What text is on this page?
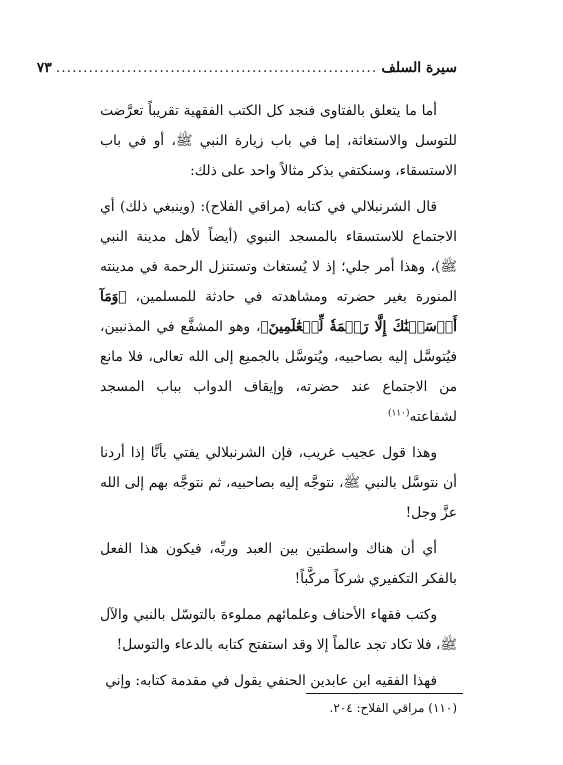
سيرة السلف
...........................................................
٧٣

أما ما يتعلق بالفتاوى فنجد كل الكتب الفقهية تقريباً تعرَّضت للتوسل والاستغاثة، إما في باب زيارة النبي ﷺ، أو في باب الاستسقاء، وسنكتفي بذكر مثالاً واحد على ذلك:

قال الشرنبلالي في كتابه (مراقي الفلاح): (وينبغي ذلك) أي الاجتماع للاستسقاء بالمسجد النبوي (أيضاً لأهل مدينة النبي ﷺ)، وهذا أمر جلي؛ إذ لا يُستغاث وتستنزل الرحمة في مدينته المنورة بغير حضرته ومشاهدته في حادثة للمسلمين، ﴿وَمَآ أَرۡسَلۡنَٰكَ إِلَّا رَحۡمَةٗ لِّلۡعَٰلَمِينَ﴾، وهو المشفَّع في المذنبين، فيُتوسَّل إليه بصاحبيه، ويُتوسَّل بالجميع إلى الله تعالى، فلا مانع من الاجتماع عند حضرته، وإيقاف الدواب بباب المسجد لشفاعته$^{(١١٠)}$

وهذا قول عجيب غريب، فإن الشرنبلالي يفتي بأنَّا إذا أردنا أن نتوسَّل بالنبي ﷺ، نتوجَّه إليه بصاحبيه، ثم نتوجَّه بهم إلى الله عزَّ وجل!

أي أن هناك واسطتين بين العبد وربِّه، فيكون هذا الفعل بالفكر التكفيري شركاً مركَّباً!

وكتب فقهاء الأحناف وعلمائهم مملوءة بالتوسّل بالنبي والآل ﷺ، فلا تكاد تجد عالماً إلا وقد استفتح كتابه بالدعاء والتوسل!

فهذا الفقيه ابن عابدين الحنفي يقول في مقدمة كتابه: وإني

(١١٠) مراقي الفلاح: ٢٠٤.
